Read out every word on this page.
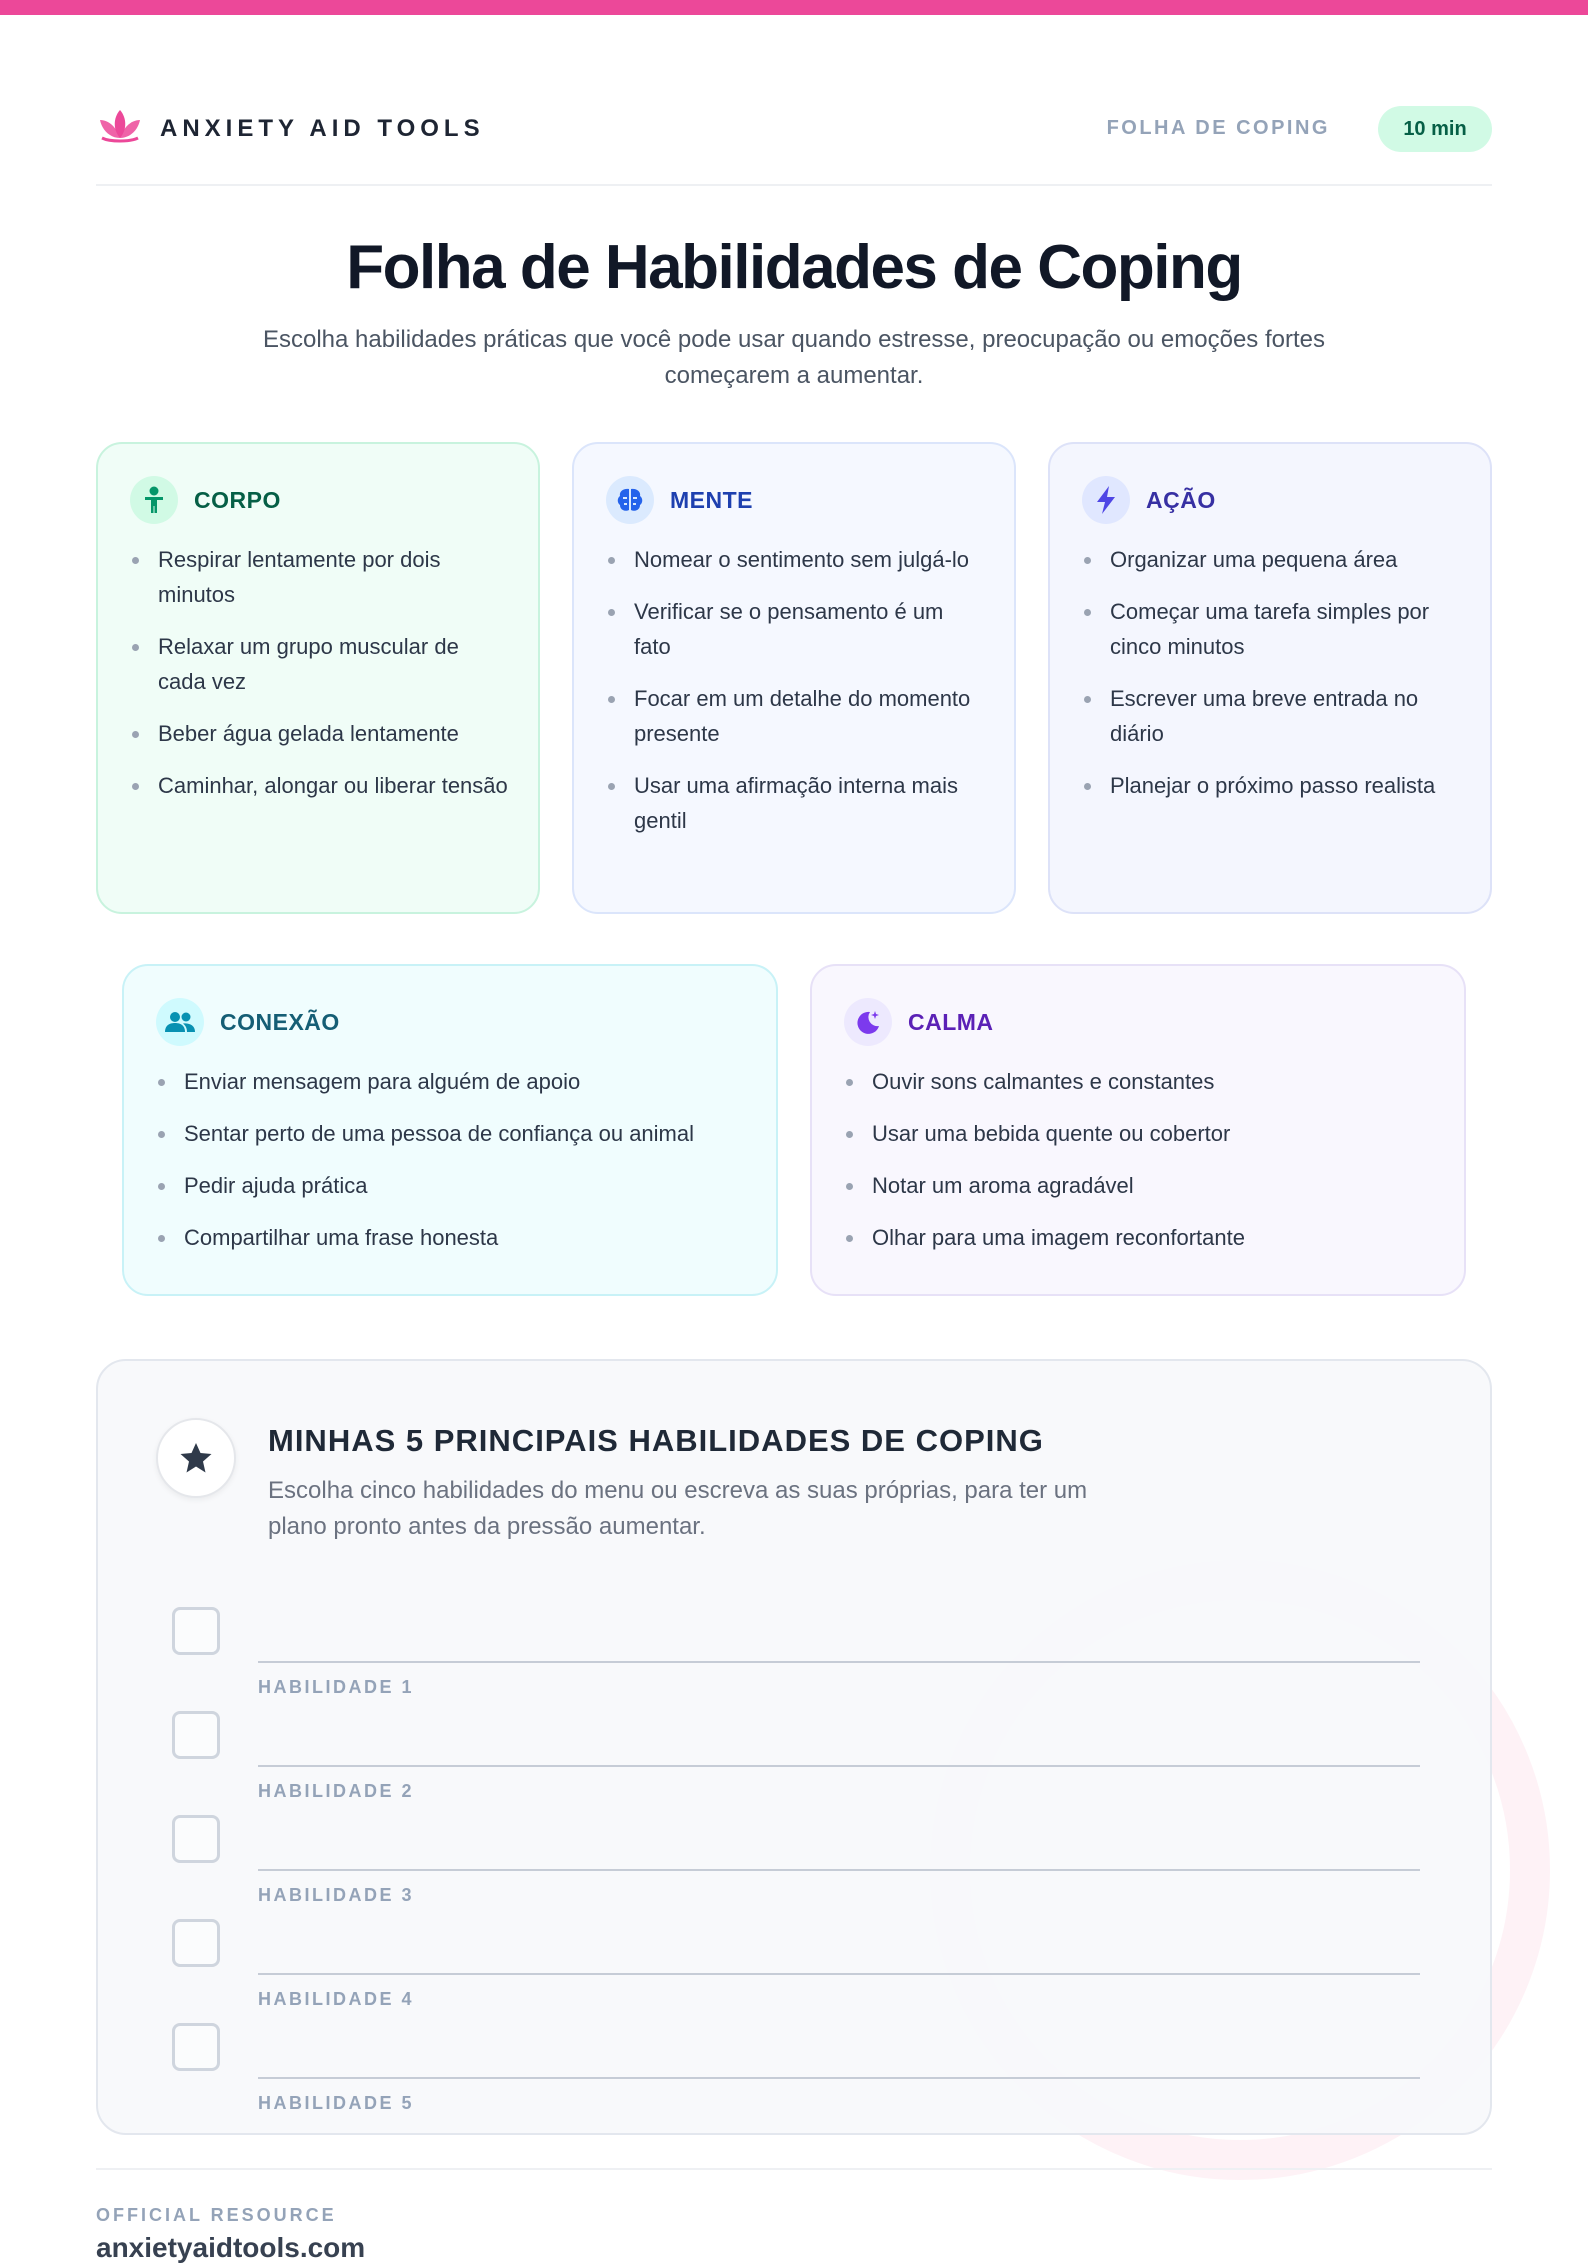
ANXIETY AID TOOLS	FOLHA DE COPING	10 min
Folha de Habilidades de Coping

Escolha habilidades práticas que você pode usar quando estresse, preocupação ou emoções fortes começarem a aumentar.

CORPO
Respirar lentamente por dois minutos
Relaxar um grupo muscular de cada vez
Beber água gelada lentamente
Caminhar, alongar ou liberar tensão
MENTE
Nomear o sentimento sem julgá-lo
Verificar se o pensamento é um fato
Focar em um detalhe do momento presente
Usar uma afirmação interna mais gentil
AÇÃO
Organizar uma pequena área
Começar uma tarefa simples por cinco minutos
Escrever uma breve entrada no diário
Planejar o próximo passo realista
CONEXÃO
Enviar mensagem para alguém de apoio
Sentar perto de uma pessoa de confiança ou animal
Pedir ajuda prática
Compartilhar uma frase honesta
CALMA
Ouvir sons calmantes e constantes
Usar uma bebida quente ou cobertor
Notar um aroma agradável
Olhar para uma imagem reconfortante
MINHAS 5 PRINCIPAIS HABILIDADES DE COPING
Escolha cinco habilidades do menu ou escreva as suas próprias, para ter um plano pronto antes da pressão aumentar.
HABILIDADE 1
HABILIDADE 2
HABILIDADE 3
HABILIDADE 4
HABILIDADE 5
OFFICIAL RESOURCE
anxietyaidtools.com
